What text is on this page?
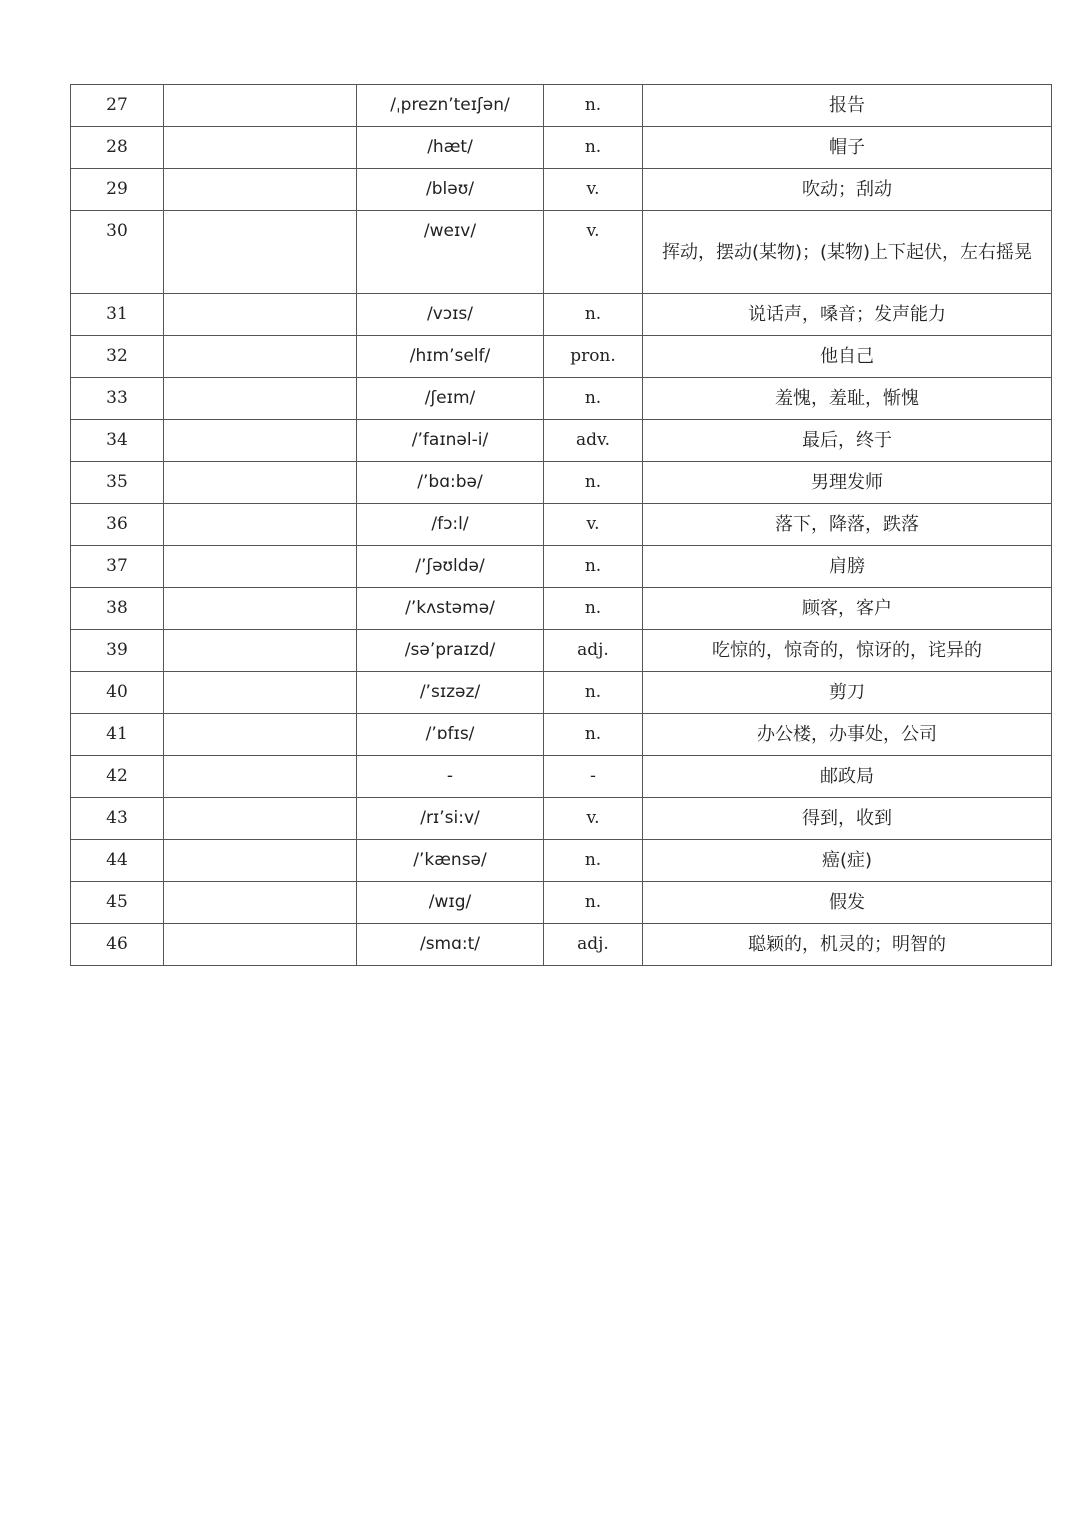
27		/ˌprezn’teɪʃən/	n.	报告
28		/hæt/	n.	帽子
29		/bləʊ/	v.	吹动；刮动
30		/weɪv/	v.	挥动，摆动(某物)；(某物)上下起伏，左右摇晃
31		/vɔɪs/	n.	说话声，嗓音；发声能力
32		/hɪm’self/	pron.	他自己
33		/ʃeɪm/	n.	羞愧，羞耻，惭愧
34		/’faɪnəl-i/	adv.	最后，终于
35		/’bɑ:bə/	n.	男理发师
36		/fɔ:l/	v.	落下，降落，跌落
37		/’ʃəʊldə/	n.	肩膀
38		/’kʌstəmə/	n.	顾客，客户
39		/sə’praɪzd/	adj.	吃惊的，惊奇的，惊讶的，诧异的
40		/’sɪzəz/	n.	剪刀
41		/’ɒfɪs/	n.	办公楼，办事处，公司
42		-	-	邮政局
43		/rɪ’si:v/	v.	得到，收到
44		/’kænsə/	n.	癌(症)
45		/wɪg/	n.	假发
46		/smɑ:t/	adj.	聪颖的，机灵的；明智的
